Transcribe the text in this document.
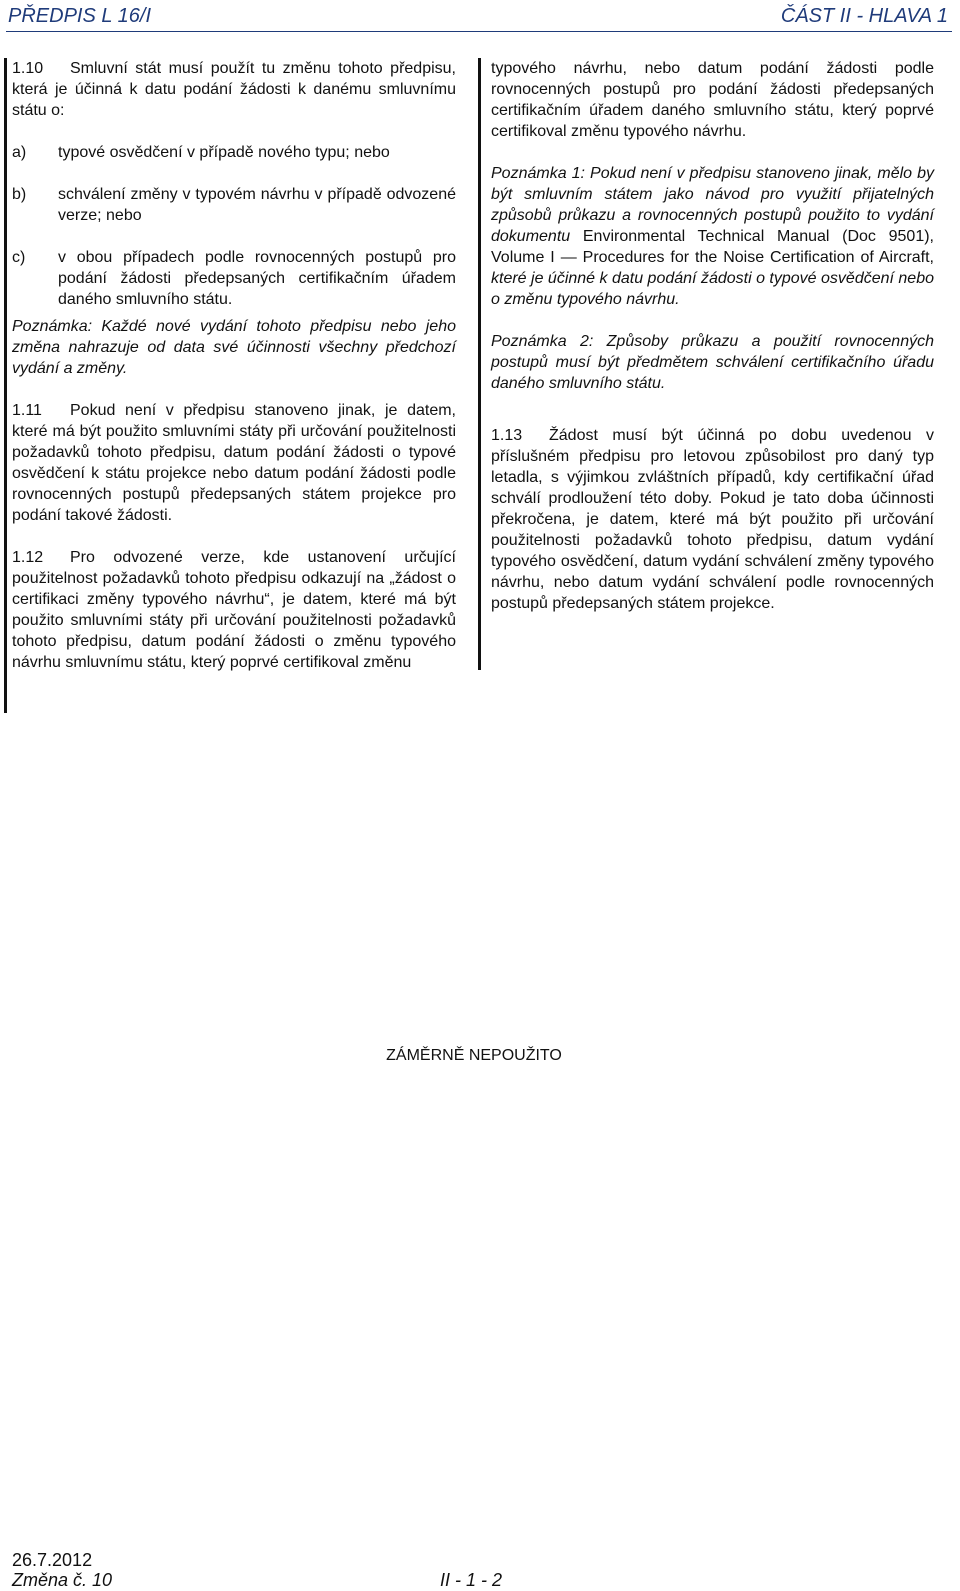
PŘEDPIS L 16/I	ČÁST II - HLAVA 1

1.10 Smluvní stát musí použít tu změnu tohoto předpisu, která je účinná k datu podání žádosti k danému smluvnímu státu o:

a)	typové osvědčení v případě nového typu; nebo
b)	schválení změny v typovém návrhu v případě odvozené verze; nebo
c)	v obou případech podle rovnocenných postupů pro podání žádosti předepsaných certifikačním úřadem daného smluvního státu.

Poznámka: Každé nové vydání tohoto předpisu nebo jeho změna nahrazuje od data své účinnosti všechny předchozí vydání a změny.

1.11 Pokud není v předpisu stanoveno jinak, je datem, které má být použito smluvními státy při určování použitelnosti požadavků tohoto předpisu, datum podání žádosti o typové osvědčení k státu projekce nebo datum podání žádosti podle rovnocenných postupů předepsaných státem projekce pro podání takové žádosti.

1.12 Pro odvozené verze, kde ustanovení určující použitelnost požadavků tohoto předpisu odkazují na „žádost o certifikaci změny typového návrhu“, je datem, které má být použito smluvními státy při určování použitelnosti požadavků tohoto předpisu, datum podání žádosti o změnu typového návrhu smluvnímu státu, který poprvé certifikoval změnu

typového návrhu, nebo datum podání žádosti podle rovnocenných postupů pro podání žádosti předepsaných certifikačním úřadem daného smluvního státu, který poprvé certifikoval změnu typového návrhu.

Poznámka 1: Pokud není v předpisu stanoveno jinak, mělo by být smluvním státem jako návod pro využití přijatelných způsobů průkazu a rovnocenných postupů použito to vydání dokumentu Environmental Technical Manual (Doc 9501), Volume I — Procedures for the Noise Certification of Aircraft, které je účinné k datu podání žádosti o typové osvědčení nebo o změnu typového návrhu.

Poznámka 2: Způsoby průkazu a použití rovnocenných postupů musí být předmětem schválení certifikačního úřadu daného smluvního státu.

1.13 Žádost musí být účinná po dobu uvedenou v příslušném předpisu pro letovou způsobilost pro daný typ letadla, s výjimkou zvláštních případů, kdy certifikační úřad schválí prodloužení této doby. Pokud je tato doba účinnosti překročena, je datem, které má být použito při určování použitelnosti požadavků tohoto předpisu, datum vydání typového osvědčení, datum vydání schválení změny typového návrhu, nebo datum vydání schválení podle rovnocenných postupů předepsaných státem projekce.

ZÁMĚRNĚ NEPOUŽITO
26.7.2012
Změna č. 10	II - 1 - 2
